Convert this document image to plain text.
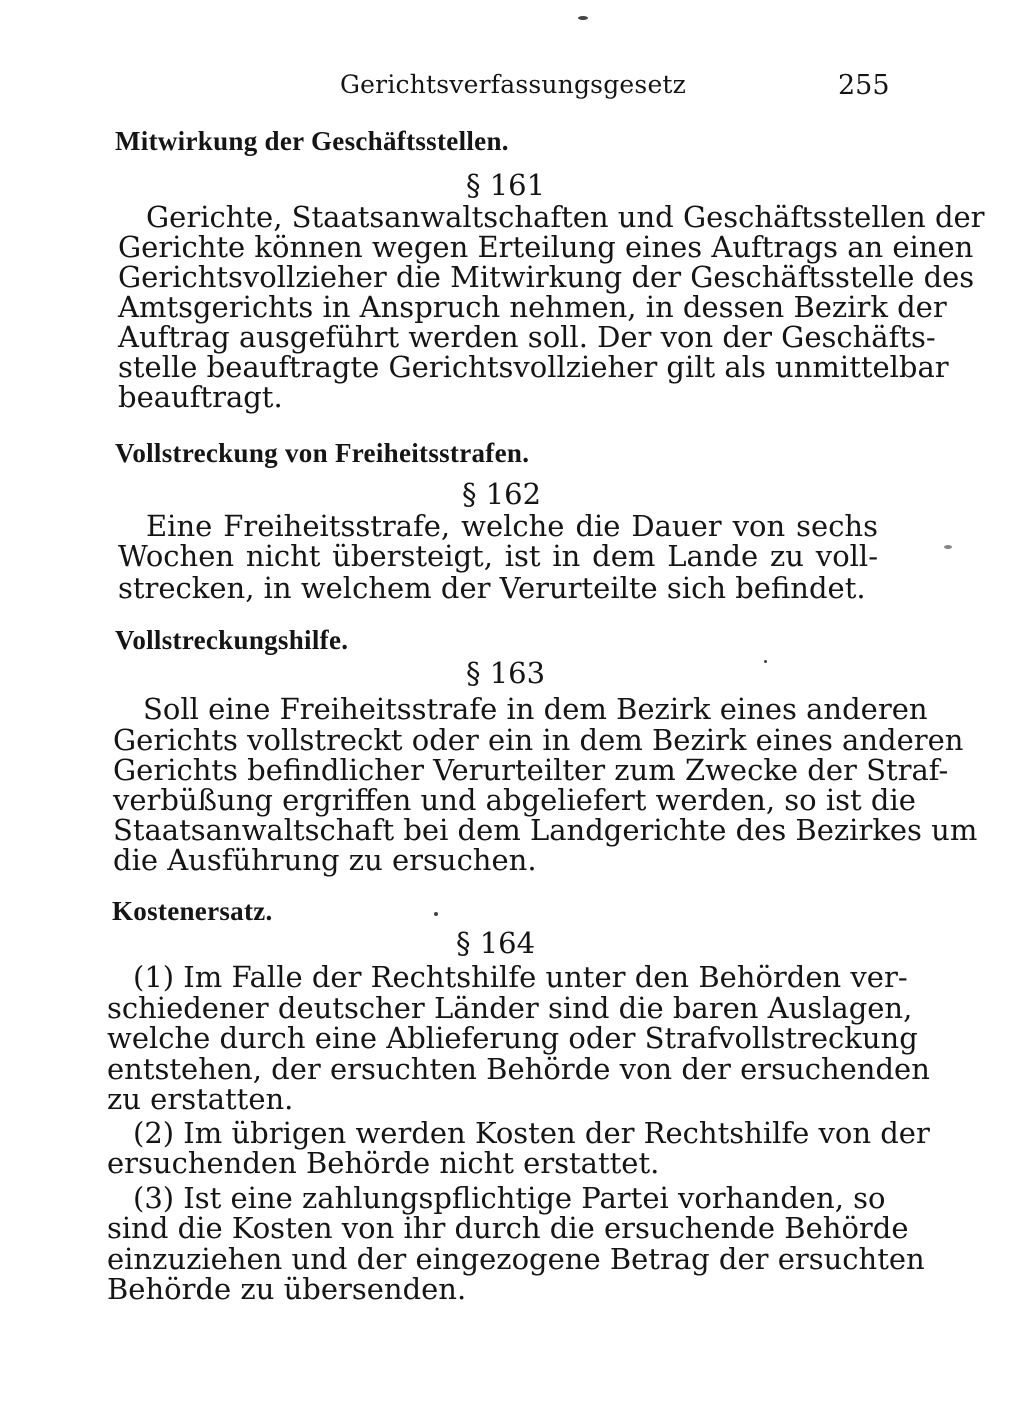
Gerichtsverfassungsgesetz	255
Mitwirkung der Geschäftsstellen.
§ 161
Gerichte, Staatsanwaltschaften und Geschäftsstellen der
Gerichte können wegen Erteilung eines Auftrags an einen
Gerichtsvollzieher die Mitwirkung der Geschäftsstelle des
Amtsgerichts in Anspruch nehmen, in dessen Bezirk der
Auftrag ausgeführt werden soll. Der von der Geschäfts-
stelle beauftragte Gerichtsvollzieher gilt als unmittelbar
beauftragt.
Vollstreckung von Freiheitsstrafen.
§ 162
Eine Freiheitsstrafe, welche die Dauer von sechs
Wochen nicht übersteigt, ist in dem Lande zu voll-
strecken, in welchem der Verurteilte sich befindet.
Vollstreckungshilfe.
§ 163
Soll eine Freiheitsstrafe in dem Bezirk eines anderen
Gerichts vollstreckt oder ein in dem Bezirk eines anderen
Gerichts befindlicher Verurteilter zum Zwecke der Straf-
verbüßung ergriffen und abgeliefert werden, so ist die
Staatsanwaltschaft bei dem Landgerichte des Bezirkes um
die Ausführung zu ersuchen.
Kostenersatz.
§ 164
(1) Im Falle der Rechtshilfe unter den Behörden ver-
schiedener deutscher Länder sind die baren Auslagen,
welche durch eine Ablieferung oder Strafvollstreckung
entstehen, der ersuchten Behörde von der ersuchenden
zu erstatten.
(2) Im übrigen werden Kosten der Rechtshilfe von der
ersuchenden Behörde nicht erstattet.
(3) Ist eine zahlungspflichtige Partei vorhanden, so
sind die Kosten von ihr durch die ersuchende Behörde
einzuziehen und der eingezogene Betrag der ersuchten
Behörde zu übersenden.
